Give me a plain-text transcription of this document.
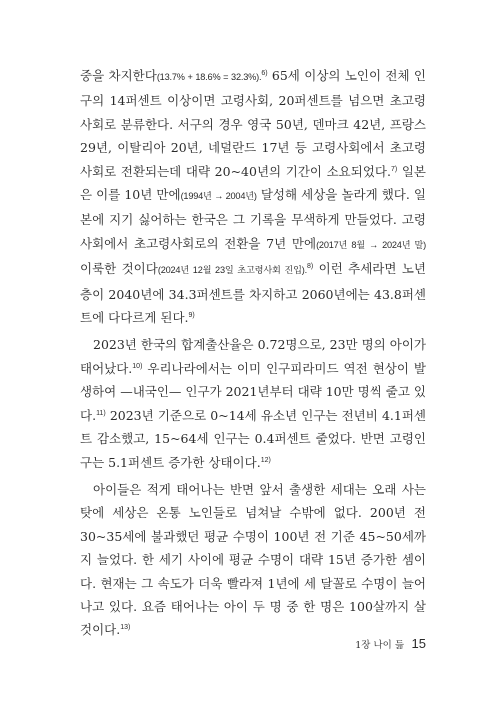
중을 차지한다(13.7% + 18.6% = 32.3%).$^{6)}$ 65세 이상의 노인이 전체 인구의 14퍼센트 이상이면 고령사회, 20퍼센트를 넘으면 초고령사회로 분류한다. 서구의 경우 영국 50년, 덴마크 42년, 프랑스 29년, 이탈리아 20년, 네덜란드 17년 등 고령사회에서 초고령사회로 전환되는데 대략 20~40년의 기간이 소요되었다.$^{7)}$ 일본은 이를 10년 만에(1994년 → 2004년) 달성해 세상을 놀라게 했다. 일본에 지기 싫어하는 한국은 그 기록을 무색하게 만들었다. 고령사회에서 초고령사회로의 전환을 7년 만에(2017년 8월 → 2024년 말) 이룩한 것이다(2024년 12월 23일 초고령사회 진입).$^{8)}$ 이런 추세라면 노년층이 2040년에 34.3퍼센트를 차지하고 2060년에는 43.8퍼센트에 다다르게 된다.$^{9)}$

2023년 한국의 합계출산율은 0.72명으로, 23만 명의 아이가 태어났다.$^{10)}$ 우리나라에서는 이미 인구피라미드 역전 현상이 발생하여 —내국인— 인구가 2021년부터 대략 10만 명씩 줄고 있다.$^{11)}$ 2023년 기준으로 0~14세 유소년 인구는 전년비 4.1퍼센트 감소했고, 15~64세 인구는 0.4퍼센트 줄었다. 반면 고령인구는 5.1퍼센트 증가한 상태이다.$^{12)}$

아이들은 적게 태어나는 반면 앞서 출생한 세대는 오래 사는 탓에 세상은 온통 노인들로 넘쳐날 수밖에 없다. 200년 전 30~35세에 불과했던 평균 수명이 100년 전 기준 45~50세까지 늘었다. 한 세기 사이에 평균 수명이 대략 15년 증가한 셈이다. 현재는 그 속도가 더욱 빨라져 1년에 세 달꼴로 수명이 늘어나고 있다. 요즘 태어나는 아이 두 명 중 한 명은 100살까지 살 것이다.$^{13)}$

1장 나이 듦 15
